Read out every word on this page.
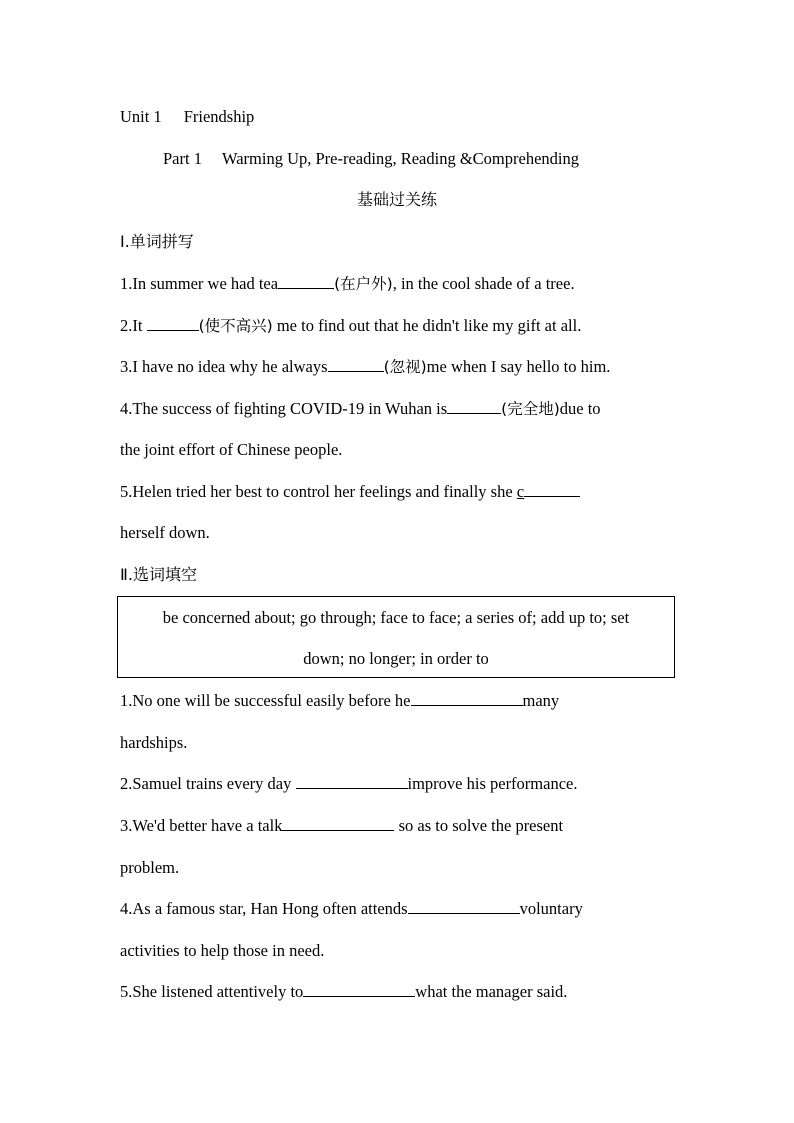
Unit 1 Friendship
Part 1 Warming Up, Pre-reading, Reading &Comprehending
基础过关练
Ⅰ.单词拼写
1.In summer we had tea	(在户外), in the cool shade of a tree.
2.It	(使不高兴) me to find out that he didn't like my gift at all.
3.I have no idea why he always	(忽视)me when I say hello to him.
4.The success of fighting COVID-19 in Wuhan is	(完全地)due to
the joint effort of Chinese people.
5.Helen tried her best to control her feelings and finally she c
herself down.
Ⅱ.选词填空
be concerned about; go through; face to face; a series of; add up to; set
down; no longer; in order to
1.No one will be successful easily before he	many
hardships.
2.Samuel trains every day	improve his performance.
3.We'd better have a talk	so as to solve the present
problem.
4.As a famous star, Han Hong often attends	voluntary
activities to help those in need.
5.She listened attentively to	what the manager said.
